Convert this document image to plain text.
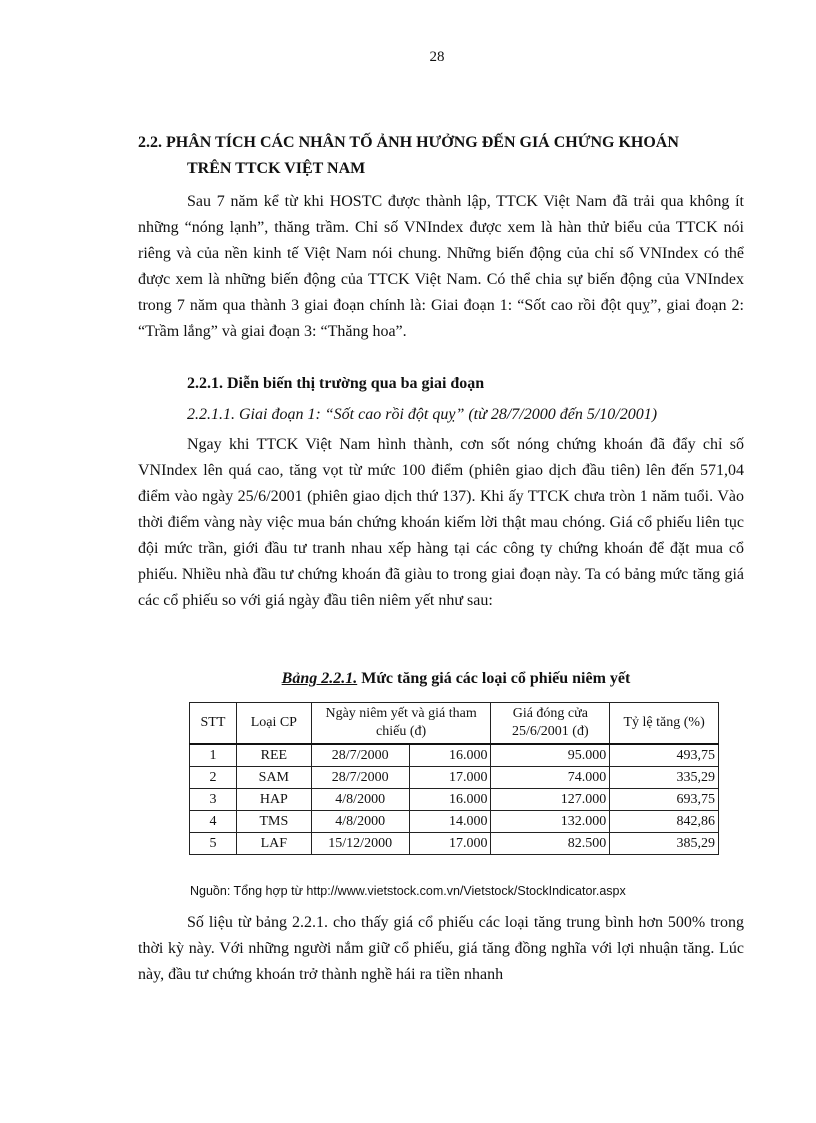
28
2.2. PHÂN TÍCH CÁC NHÂN TỐ ẢNH HƯỞNG ĐẾN GIÁ CHỨNG KHOÁN
TRÊN TTCK VIỆT NAM

Sau 7 năm kể từ khi HOSTC được thành lập, TTCK Việt Nam đã trải qua không ít những “nóng lạnh”, thăng trầm. Chỉ số VNIndex được xem là hàn thử biểu của TTCK nói riêng và của nền kinh tế Việt Nam nói chung. Những biến động của chỉ số VNIndex có thể được xem là những biến động của TTCK Việt Nam. Có thể chia sự biến động của VNIndex trong 7 năm qua thành 3 giai đoạn chính là: Giai đoạn 1: “Sốt cao rồi đột quỵ”, giai đoạn 2: “Trầm lắng” và giai đoạn 3: “Thăng hoa”.

2.2.1. Diễn biến thị trường qua ba giai đoạn
2.2.1.1. Giai đoạn 1: “Sốt cao rồi đột quỵ” (từ 28/7/2000 đến 5/10/2001)

Ngay khi TTCK Việt Nam hình thành, cơn sốt nóng chứng khoán đã đẩy chỉ số VNIndex lên quá cao, tăng vọt từ mức 100 điểm (phiên giao dịch đầu tiên) lên đến 571,04 điểm vào ngày 25/6/2001 (phiên giao dịch thứ 137). Khi ấy TTCK chưa tròn 1 năm tuổi. Vào thời điểm vàng này việc mua bán chứng khoán kiếm lời thật mau chóng. Giá cổ phiếu liên tục đội mức trần, giới đầu tư tranh nhau xếp hàng tại các công ty chứng khoán để đặt mua cổ phiếu. Nhiều nhà đầu tư chứng khoán đã giàu to trong giai đoạn này. Ta có bảng mức tăng giá các cổ phiếu so với giá ngày đầu tiên niêm yết như sau:

Bảng 2.2.1. Mức tăng giá các loại cổ phiếu niêm yết
STT	Loại CP	Ngày niêm yết và giá tham chiếu (đ)		Giá đóng cửa 25/6/2001 (đ)	Tỷ lệ tăng (%)
1	REE	28/7/2000	16.000	95.000	493,75
2	SAM	28/7/2000	17.000	74.000	335,29
3	HAP	4/8/2000	16.000	127.000	693,75
4	TMS	4/8/2000	14.000	132.000	842,86
5	LAF	15/12/2000	17.000	82.500	385,29
Nguồn: Tổng hợp từ http://www.vietstock.com.vn/Vietstock/StockIndicator.aspx

Số liệu từ bảng 2.2.1. cho thấy giá cổ phiếu các loại tăng trung bình hơn 500% trong thời kỳ này. Với những người nắm giữ cổ phiếu, giá tăng đồng nghĩa với lợi nhuận tăng. Lúc này, đầu tư chứng khoán trở thành nghề hái ra tiền nhanh
